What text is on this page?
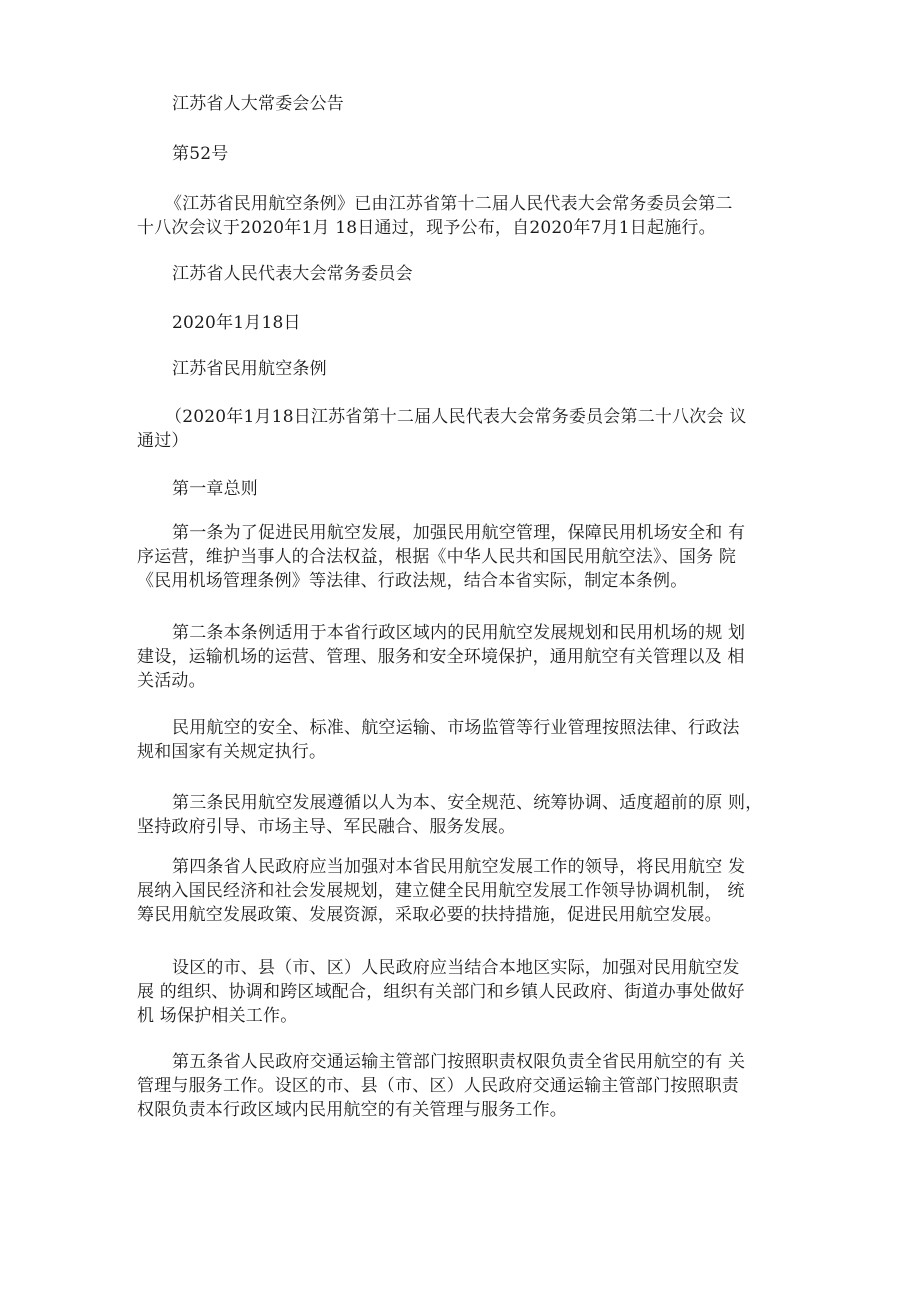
江苏省人大常委会公告
第52号
《江苏省民用航空条例》已由江苏省第十二届人民代表大会常务委员会第二
十八次会议于2020年1月 18日通过，现予公布，自2020年7月1日起施行。
江苏省人民代表大会常务委员会
2020年1月18日
江苏省民用航空条例
（2020年1月18日江苏省第十二届人民代表大会常务委员会第二十八次会 议
通过）
第一章总则
第一条为了促进民用航空发展，加强民用航空管理，保障民用机场安全和 有
序运营，维护当事人的合法权益，根据《中华人民共和国民用航空法》、国务 院
《民用机场管理条例》等法律、行政法规，结合本省实际，制定本条例。
第二条本条例适用于本省行政区域内的民用航空发展规划和民用机场的规 划
建设，运输机场的运营、管理、服务和安全环境保护，通用航空有关管理以及 相
关活动。
民用航空的安全、标准、航空运输、市场监管等行业管理按照法律、行政法
规和国家有关规定执行。
第三条民用航空发展遵循以人为本、安全规范、统筹协调、适度超前的原 则，
坚持政府引导、市场主导、军民融合、服务发展。
第四条省人民政府应当加强对本省民用航空发展工作的领导，将民用航空 发
展纳入国民经济和社会发展规划，建立健全民用航空发展工作领导协调机制， 统
筹民用航空发展政策、发展资源，采取必要的扶持措施，促进民用航空发展。
设区的市、县（市、区）人民政府应当结合本地区实际，加强对民用航空发
展 的组织、协调和跨区域配合，组织有关部门和乡镇人民政府、街道办事处做好
机 场保护相关工作。
第五条省人民政府交通运输主管部门按照职责权限负责全省民用航空的有 关
管理与服务工作。设区的市、县（市、区）人民政府交通运输主管部门按照职责
权限负责本行政区域内民用航空的有关管理与服务工作。
